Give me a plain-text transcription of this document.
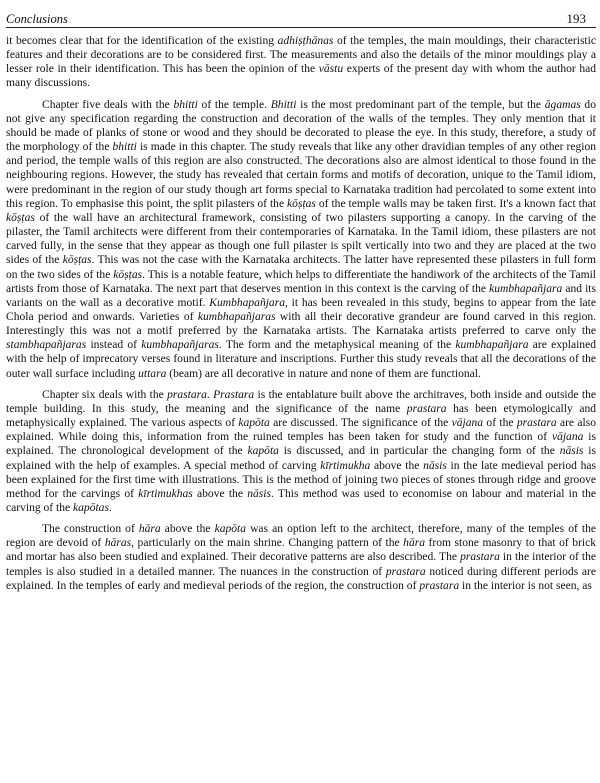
Conclusions	193

it becomes clear that for the identification of the existing adhiṣṭhānas of the temples, the main mouldings, their characteristic features and their decorations are to be considered first. The measurements and also the details of the minor mouldings play a lesser role in their identification. This has been the opinion of the vāstu experts of the present day with whom the author had many discussions.

Chapter five deals with the bhitti of the temple. Bhitti is the most predominant part of the temple, but the āgamas do not give any specification regarding the construction and decoration of the walls of the temples. They only mention that it should be made of planks of stone or wood and they should be decorated to please the eye. In this study, therefore, a study of the morphology of the bhitti is made in this chapter. The study reveals that like any other dravidian temples of any other region and period, the temple walls of this region are also constructed. The decorations also are almost identical to those found in the neighbouring regions. However, the study has revealed that certain forms and motifs of decoration, unique to the Tamil idiom, were predominant in the region of our study though art forms special to Karnataka tradition had percolated to some extent into this region. To emphasise this point, the split pilasters of the kōṣṭas of the temple walls may be taken first. It's a known fact that kōṣṭas of the wall have an architectural framework, consisting of two pilasters supporting a canopy. In the carving of the pilaster, the Tamil architects were different from their contemporaries of Karnataka. In the Tamil idiom, these pilasters are not carved fully, in the sense that they appear as though one full pilaster is spilt vertically into two and they are placed at the two sides of the kōṣṭas. This was not the case with the Karnataka architects. The latter have represented these pilasters in full form on the two sides of the kōṣṭas. This is a notable feature, which helps to differentiate the handiwork of the architects of the Tamil artists from those of Karnataka. The next part that deserves mention in this context is the carving of the kumbhapañjara and its variants on the wall as a decorative motif. Kumbhapañjara, it has been revealed in this study, begins to appear from the late Chola period and onwards. Varieties of kumbhapañjaras with all their decorative grandeur are found carved in this region. Interestingly this was not a motif preferred by the Karnataka artists. The Karnataka artists preferred to carve only the stambhapañjaras instead of kumbhapañjaras. The form and the metaphysical meaning of the kumbhapañjara are explained with the help of imprecatory verses found in literature and inscriptions. Further this study reveals that all the decorations of the outer wall surface including uttara (beam) are all decorative in nature and none of them are functional.

Chapter six deals with the prastara. Prastara is the entablature built above the architraves, both inside and outside the temple building. In this study, the meaning and the significance of the name prastara has been etymologically and metaphysically explained. The various aspects of kapōta are discussed. The significance of the vājana of the prastara are also explained. While doing this, information from the ruined temples has been taken for study and the function of vājana is explained. The chronological development of the kapōta is discussed, and in particular the changing form of the nāsis is explained with the help of examples. A special method of carving kīrtimukha above the nāsis in the late medieval period has been explained for the first time with illustrations. This is the method of joining two pieces of stones through ridge and groove method for the carvings of kīrtimukhas above the nāsis. This method was used to economise on labour and material in the carving of the kapōtas.

The construction of hāra above the kapōta was an option left to the architect, therefore, many of the temples of the region are devoid of hāras, particularly on the main shrine. Changing pattern of the hāra from stone masonry to that of brick and mortar has also been studied and explained. Their decorative patterns are also described. The prastara in the interior of the temples is also studied in a detailed manner. The nuances in the construction of prastara noticed during different periods are explained. In the temples of early and medieval periods of the region, the construction of prastara in the interior is not seen, as
